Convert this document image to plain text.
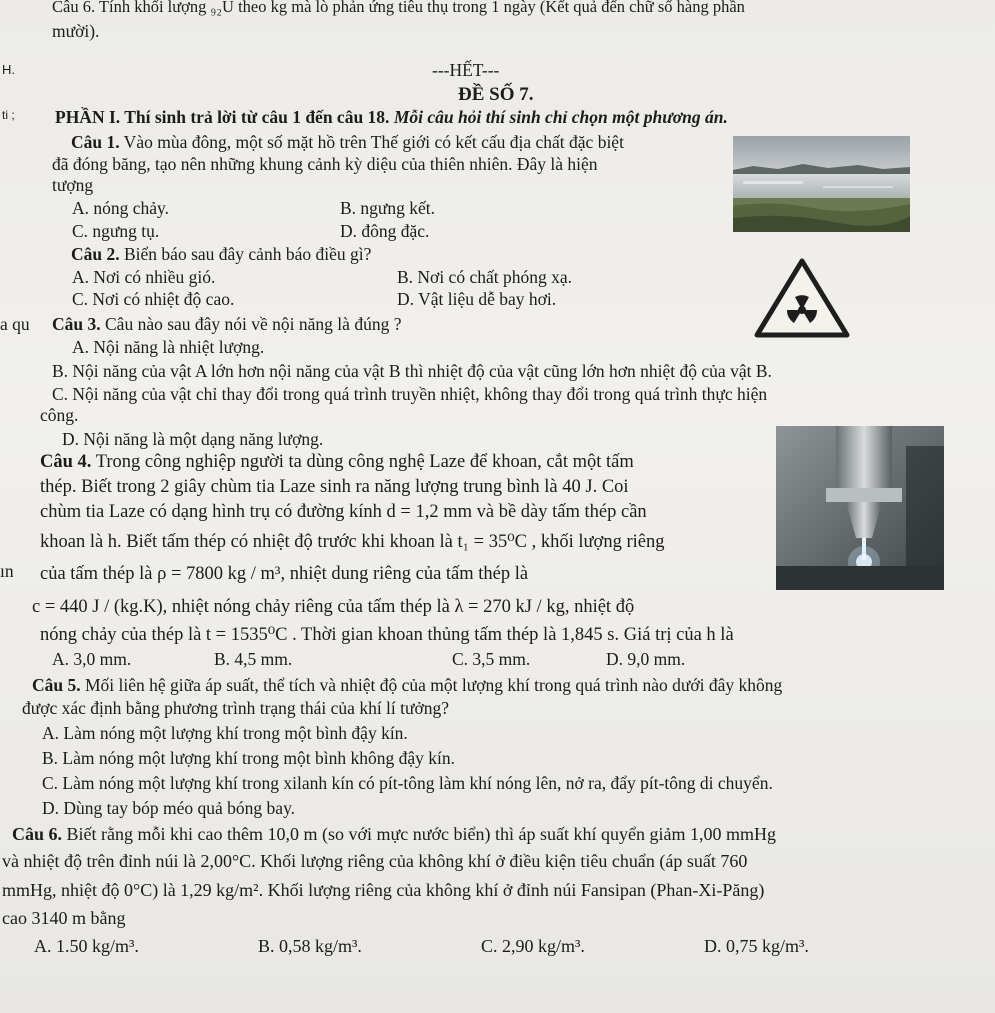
Câu 6. Tính khối lượng ₉₂U theo kg mà lò phản ứng tiêu thụ trong 1 ngày (Kết quả đến chữ số hàng phần
mười).
---HẾT---
H.
ti ;
a qu
ın
ĐỀ SỐ 7.
PHẦN I. Thí sinh trả lời từ câu 1 đến câu 18. Mỗi câu hỏi thí sinh chỉ chọn một phương án.
Câu 1. Vào mùa đông, một số mặt hồ trên Thế giới có kết cấu địa chất đặc biệt
đã đóng băng, tạo nên những khung cảnh kỳ diệu của thiên nhiên. Đây là hiện
tượng
A. nóng chảy.	B. ngưng kết.
C. ngưng tụ.	D. đông đặc.
Câu 2. Biển báo sau đây cảnh báo điều gì?
A. Nơi có nhiều gió.	B. Nơi có chất phóng xạ.
C. Nơi có nhiệt độ cao.	D. Vật liệu dễ bay hơi.
Câu 3. Câu nào sau đây nói về nội năng là đúng ?
A. Nội năng là nhiệt lượng.
B. Nội năng của vật A lớn hơn nội năng của vật B thì nhiệt độ của vật cũng lớn hơn nhiệt độ của vật B.
C. Nội năng của vật chỉ thay đổi trong quá trình truyền nhiệt, không thay đổi trong quá trình thực hiện
công.
D. Nội năng là một dạng năng lượng.
Câu 4. Trong công nghiệp người ta dùng công nghệ Laze để khoan, cắt một tấm
thép. Biết trong 2 giây chùm tia Laze sinh ra năng lượng trung bình là 40 J. Coi
chùm tia Laze có dạng hình trụ có đường kính d = 1,2 mm và bề dày tấm thép cần
khoan là h. Biết tấm thép có nhiệt độ trước khi khoan là t₁ = 35⁰C , khối lượng riêng
của tấm thép là ρ = 7800 kg / m³, nhiệt dung riêng của tấm thép là
c = 440 J / (kg.K), nhiệt nóng chảy riêng của tấm thép là λ = 270 kJ / kg, nhiệt độ
nóng chảy của thép là t = 1535⁰C . Thời gian khoan thủng tấm thép là 1,845 s. Giá trị của h là
A. 3,0 mm.	B. 4,5 mm.	C. 3,5 mm.	D. 9,0 mm.
Câu 5. Mối liên hệ giữa áp suất, thể tích và nhiệt độ của một lượng khí trong quá trình nào dưới đây không
được xác định bằng phương trình trạng thái của khí lí tưởng?
A. Làm nóng một lượng khí trong một bình đậy kín.
B. Làm nóng một lượng khí trong một bình không đậy kín.
C. Làm nóng một lượng khí trong xilanh kín có pít-tông làm khí nóng lên, nở ra, đẩy pít-tông di chuyển.
D. Dùng tay bóp méo quả bóng bay.
Câu 6. Biết rằng mỗi khi cao thêm 10,0 m (so với mực nước biển) thì áp suất khí quyển giảm 1,00 mmHg
và nhiệt độ trên đỉnh núi là 2,00°C. Khối lượng riêng của không khí ở điều kiện tiêu chuẩn (áp suất 760
mmHg, nhiệt độ 0°C) là 1,29 kg/m². Khối lượng riêng của không khí ở đỉnh núi Fansipan (Phan-Xi-Păng)
cao 3140 m bằng
A. 1.50 kg/m³.	B. 0,58 kg/m³.	C. 2,90 kg/m³.	D. 0,75 kg/m³.
